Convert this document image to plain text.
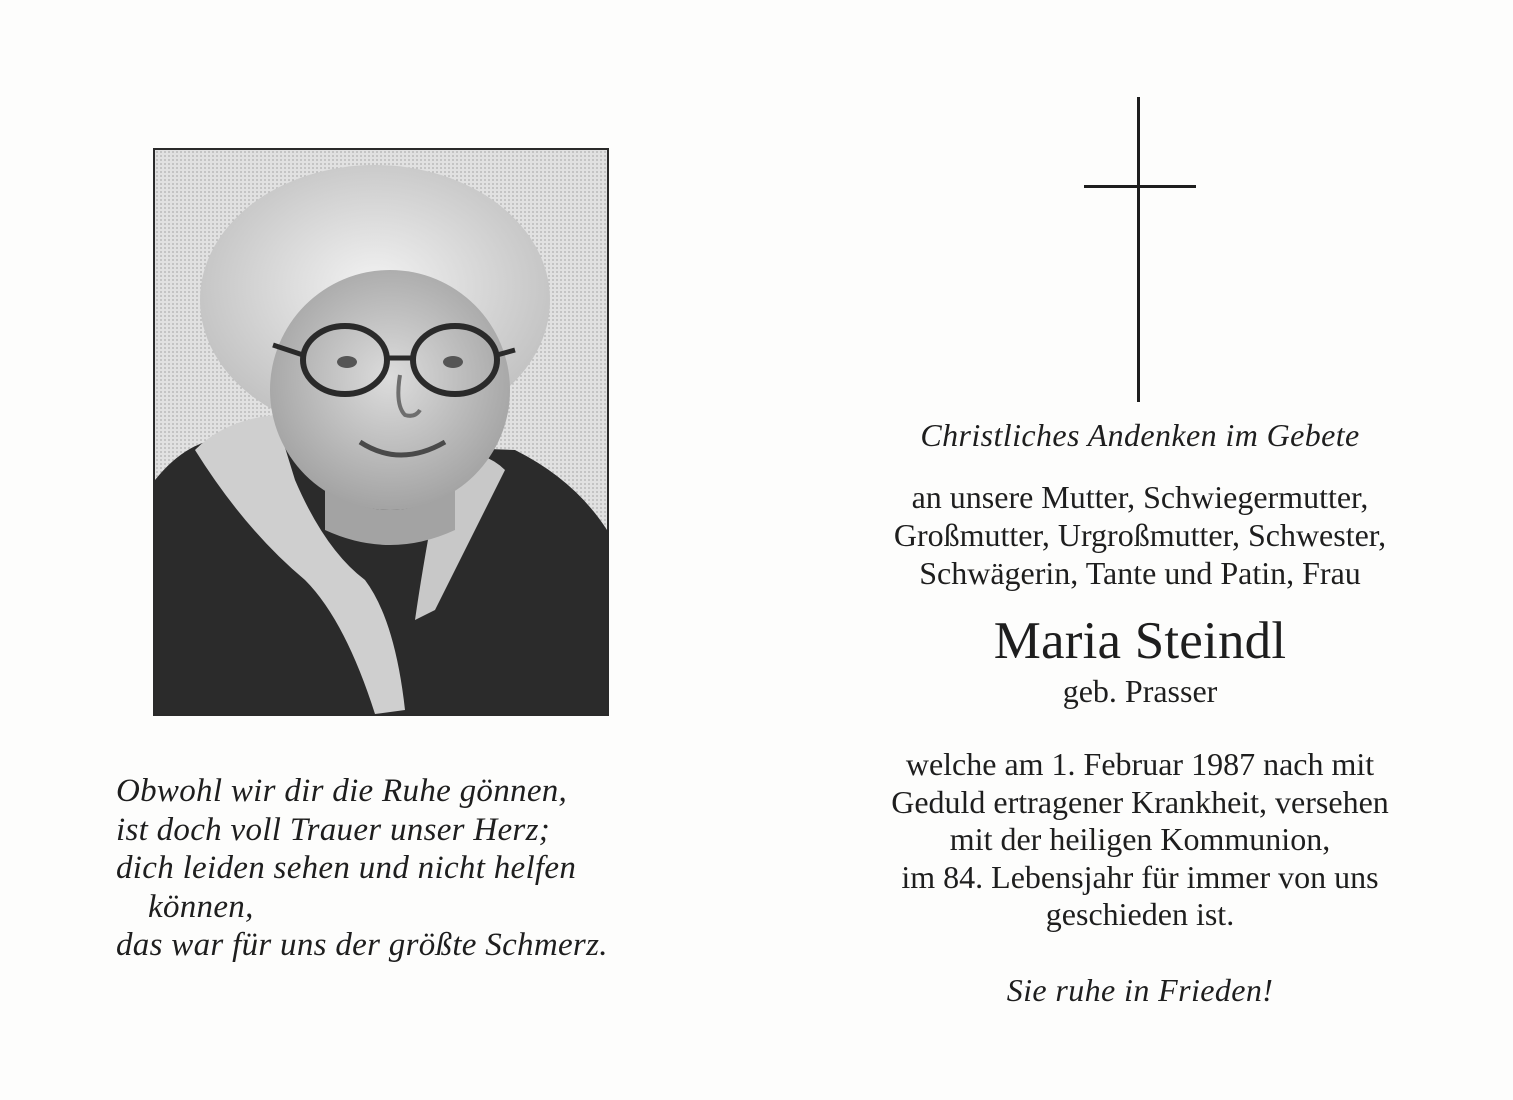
Obwohl wir dir die Ruhe gönnen,
ist doch voll Trauer unser Herz;
dich leiden sehen und nicht helfen
können,
das war für uns der größte Schmerz.
Christliches Andenken im Gebete
an unsere Mutter, Schwiegermutter,
Großmutter, Urgroßmutter, Schwester,
Schwägerin, Tante und Patin, Frau
Maria Steindl
geb. Prasser
welche am 1. Februar 1987 nach mit
Geduld ertragener Krankheit, versehen
mit der heiligen Kommunion,
im 84. Lebensjahr für immer von uns
geschieden ist.
Sie ruhe in Frieden!
